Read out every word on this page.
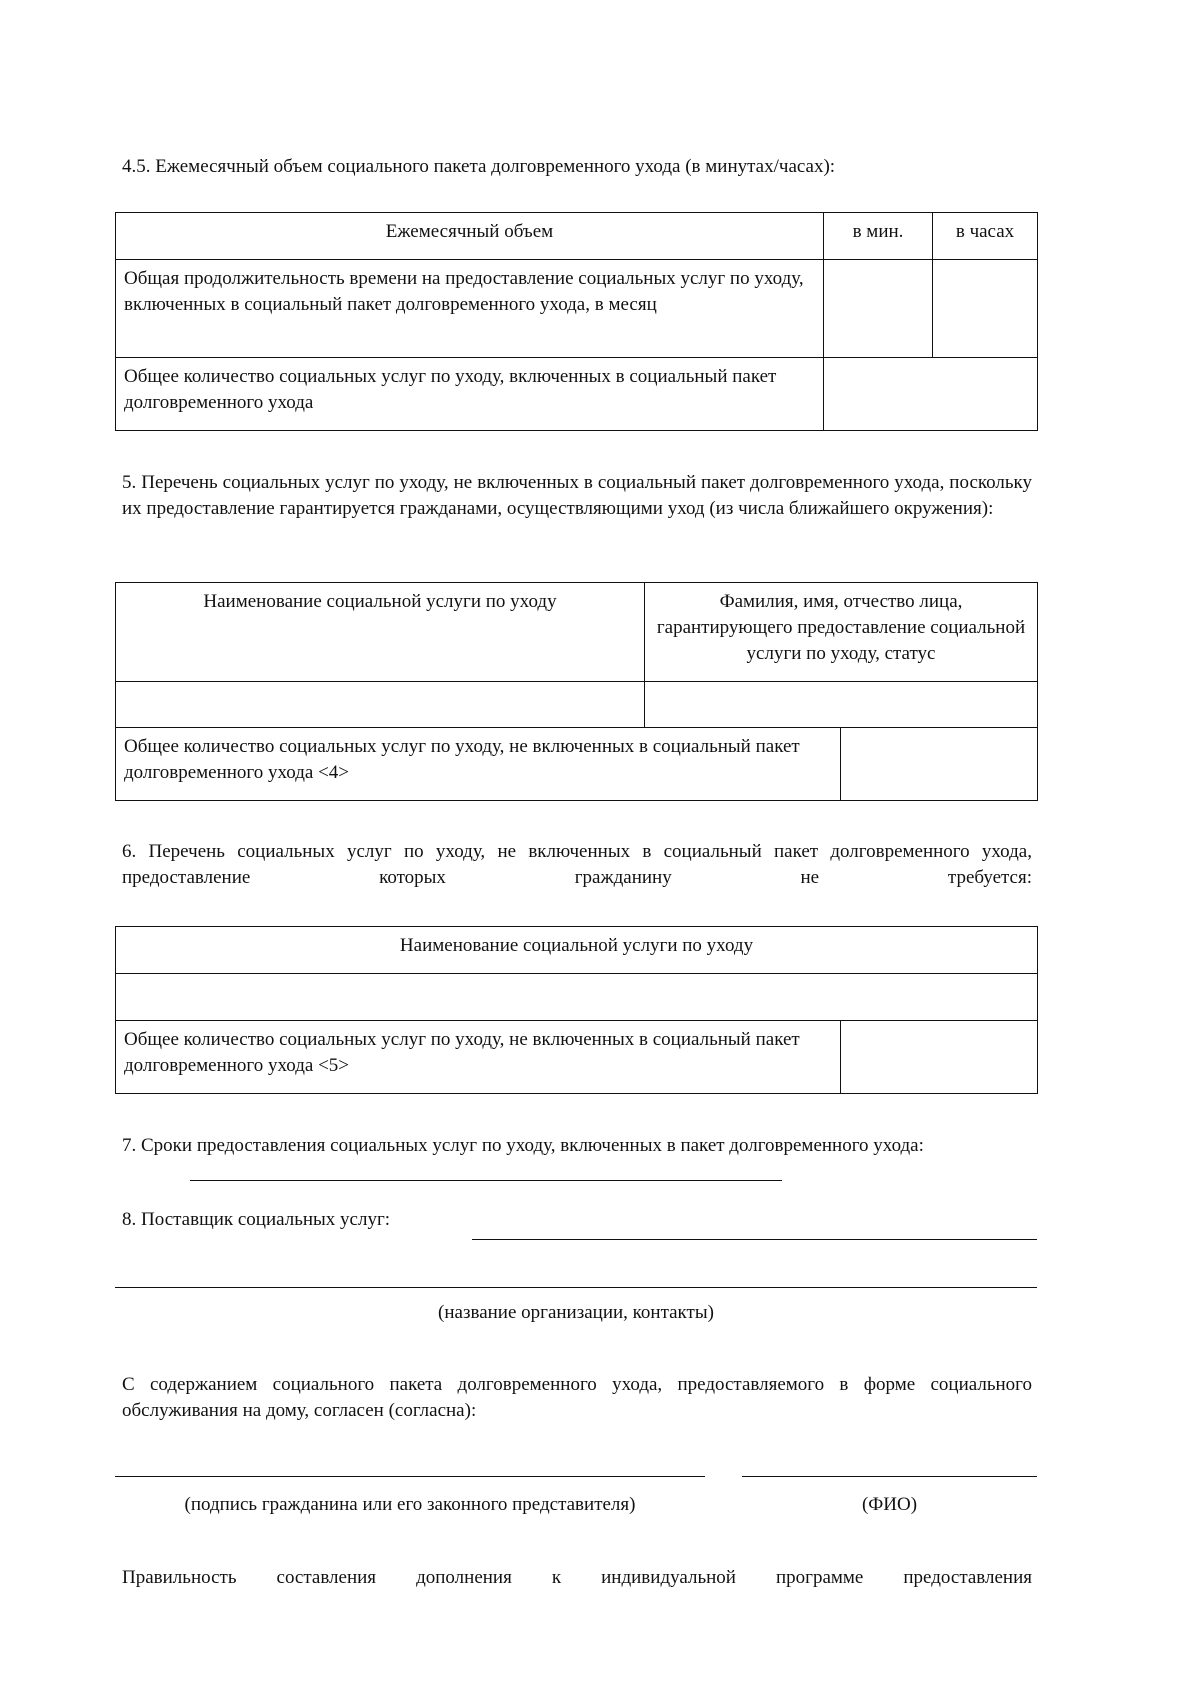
4.5. Ежемесячный объем социального пакета долговременного ухода (в минутах/часах):

Ежемесячный объем	в мин.	в часах
Общая продолжительность времени на предоставление социальных услуг по уходу, включенных в социальный пакет долговременного ухода, в месяц		
Общее количество социальных услуг по уходу, включенных в социальный пакет долговременного ухода		

5. Перечень социальных услуг по уходу, не включенных в социальный пакет долговременного ухода, поскольку их предоставление гарантируется гражданами, осуществляющими уход (из числа ближайшего окружения):

Наименование социальной услуги по уходу	Фамилия, имя, отчество лица, гарантирующего предоставление социальной услуги по уходу, статус	

Общее количество социальных услуг по уходу, не включенных в социальный пакет долговременного ухода <4>		

6. Перечень социальных услуг по уходу, не включенных в социальный пакет долговременного ухода, предоставление которых гражданину не требуется:

Наименование социальной услуги по уходу

Общее количество социальных услуг по уходу, не включенных в социальный пакет долговременного ухода <5>	

7. Сроки предоставления социальных услуг по уходу, включенных в пакет долговременного ухода:

8. Поставщик социальных услуг:
(название организации, контакты)

С содержанием социального пакета долговременного ухода, предоставляемого в форме социального обслуживания на дому, согласен (согласна):

(подпись гражданина или его законного представителя)	(ФИО)

Правильность составления дополнения к индивидуальной программе предоставления
